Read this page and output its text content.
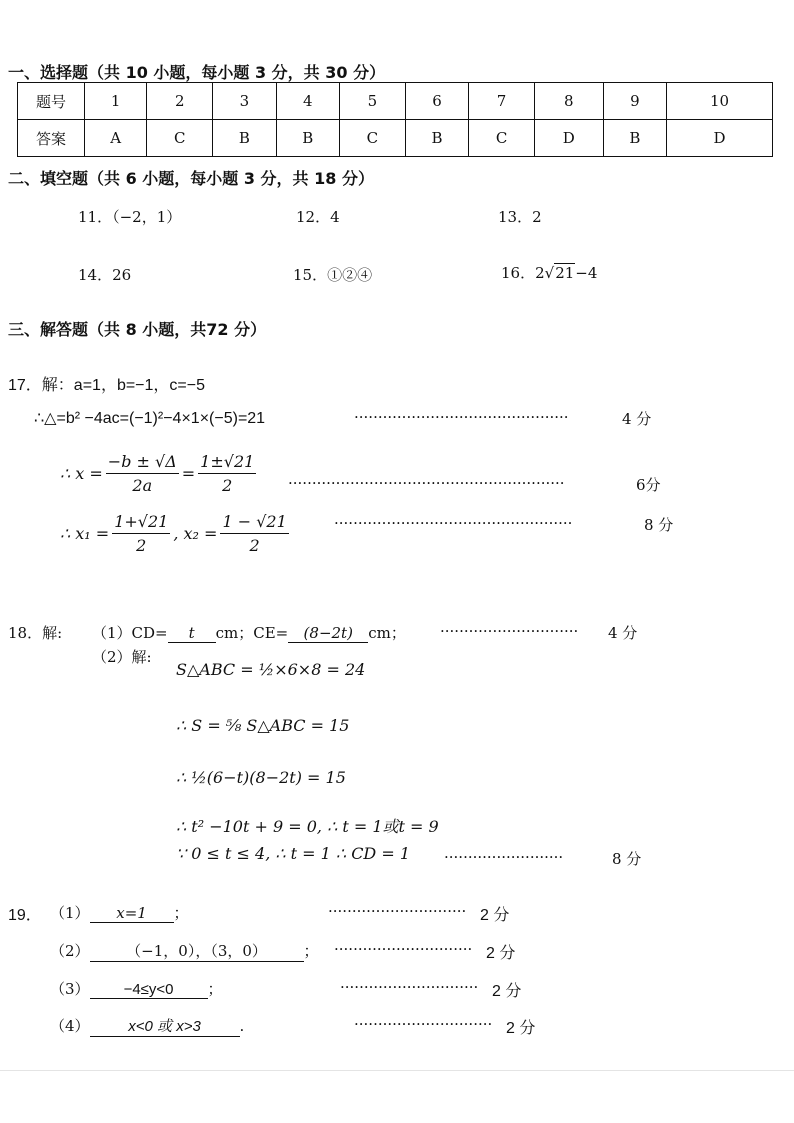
一、选择题（共 10 小题，每小题 3 分，共 30 分）
题号	1	2	3	4	5	6	7	8	9	10
答案	A	C	B	B	C	B	C	D	B	D
二、填空题（共 6 小题，每小题 3 分，共 18 分）
11．（−2，1）	12．4	13．2
14．26	15．①②④	16．2√21−4
三、解答题（共 8 小题，共72 分）
17．解：a=1，b=−1，c=−5
∴△=b² −4ac=(−1)²−4×1×(−5)=21	·············································	4 分
∴ $x = \frac{-b \pm √\Delta}{2a} = \frac{1\pm√21}{2}$ ··························································	6分
∴ $x_1 = \frac{1+√21}{2}$ , $x_2 = \frac{1 - √21}{2}$	··················································	8 分
18．解: （1）CD= t cm；CE= (8−2t) cm； ····························· 4 分
（2）解:
S△ABC = ½×6×8 = 24
∴ S = ⅝ S△ABC = 15
∴ ½(6−t)(8−2t) = 15
∴ t² −10t + 9 = 0, ∴ t = 1或t = 9
∵ 0 ≤ t ≤ 4, ∴ t = 1 ∴ CD = 1 ·························	8 分
19． （1） x=1 ；	····························· 2 分
（2） （−1，0），（3，0） ； ····························· 2 分
（3） −4≤y<0 ；	····························· 2 分
（4）	x<0 或 x>3	.	····························· 2 分
